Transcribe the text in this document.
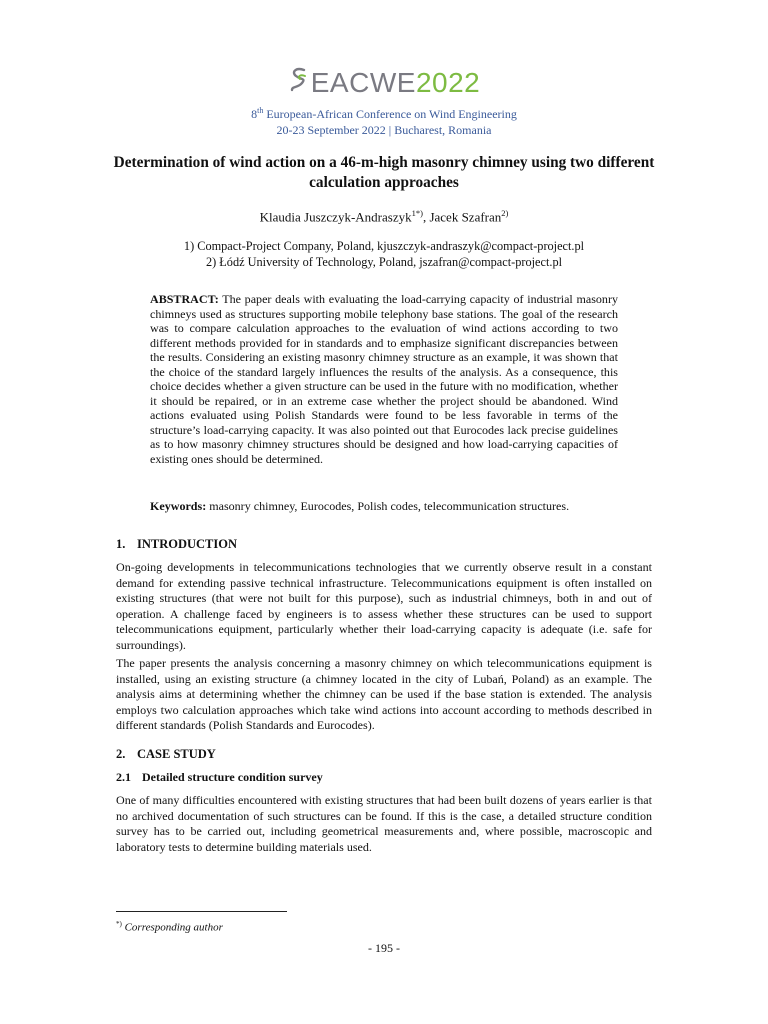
EACWE2022
8th European-African Conference on Wind Engineering
20-23 September 2022 | Bucharest, Romania
Determination of wind action on a 46-m-high masonry chimney using two different calculation approaches
Klaudia Juszczyk-Andraszyk$^{1*)}$, Jacek Szafran$^{2)}$
1) Compact-Project Company, Poland, kjuszczyk-andraszyk@compact-project.pl
2) Łódź University of Technology, Poland, jszafran@compact-project.pl

ABSTRACT: The paper deals with evaluating the load-carrying capacity of industrial masonry chimneys used as structures supporting mobile telephony base stations. The goal of the research was to compare calculation approaches to the evaluation of wind actions according to two different methods provided for in standards and to emphasize significant discrepancies between the results. Considering an existing masonry chimney structure as an example, it was shown that the choice of the standard largely influences the results of the analysis. As a consequence, this choice decides whether a given structure can be used in the future with no modification, whether it should be repaired, or in an extreme case whether the project should be abandoned. Wind actions evaluated using Polish Standards were found to be less favorable in terms of the structure’s load-carrying capacity. It was also pointed out that Eurocodes lack precise guidelines as to how masonry chimney structures should be designed and how load-carrying capacities of existing ones should be determined.

Keywords: masonry chimney, Eurocodes, Polish codes, telecommunication structures.

1. INTRODUCTION

On-going developments in telecommunications technologies that we currently observe result in a constant demand for extending passive technical infrastructure. Telecommunications equipment is often installed on existing structures (that were not built for this purpose), such as industrial chimneys, both in and out of operation. A challenge faced by engineers is to assess whether these structures can be used to support telecommunications equipment, particularly whether their load-carrying capacity is adequate (i.e. safe for surroundings).

The paper presents the analysis concerning a masonry chimney on which telecommunications equipment is installed, using an existing structure (a chimney located in the city of Lubań, Poland) as an example. The analysis aims at determining whether the chimney can be used if the base station is extended. The analysis employs two calculation approaches which take wind actions into account according to methods described in different standards (Polish Standards and Eurocodes).

2. CASE STUDY
2.1 Detailed structure condition survey

One of many difficulties encountered with existing structures that had been built dozens of years earlier is that no archived documentation of such structures can be found. If this is the case, a detailed structure condition survey has to be carried out, including geometrical measurements and, where possible, macroscopic and laboratory tests to determine building materials used.

*) Corresponding author
- 195 -
